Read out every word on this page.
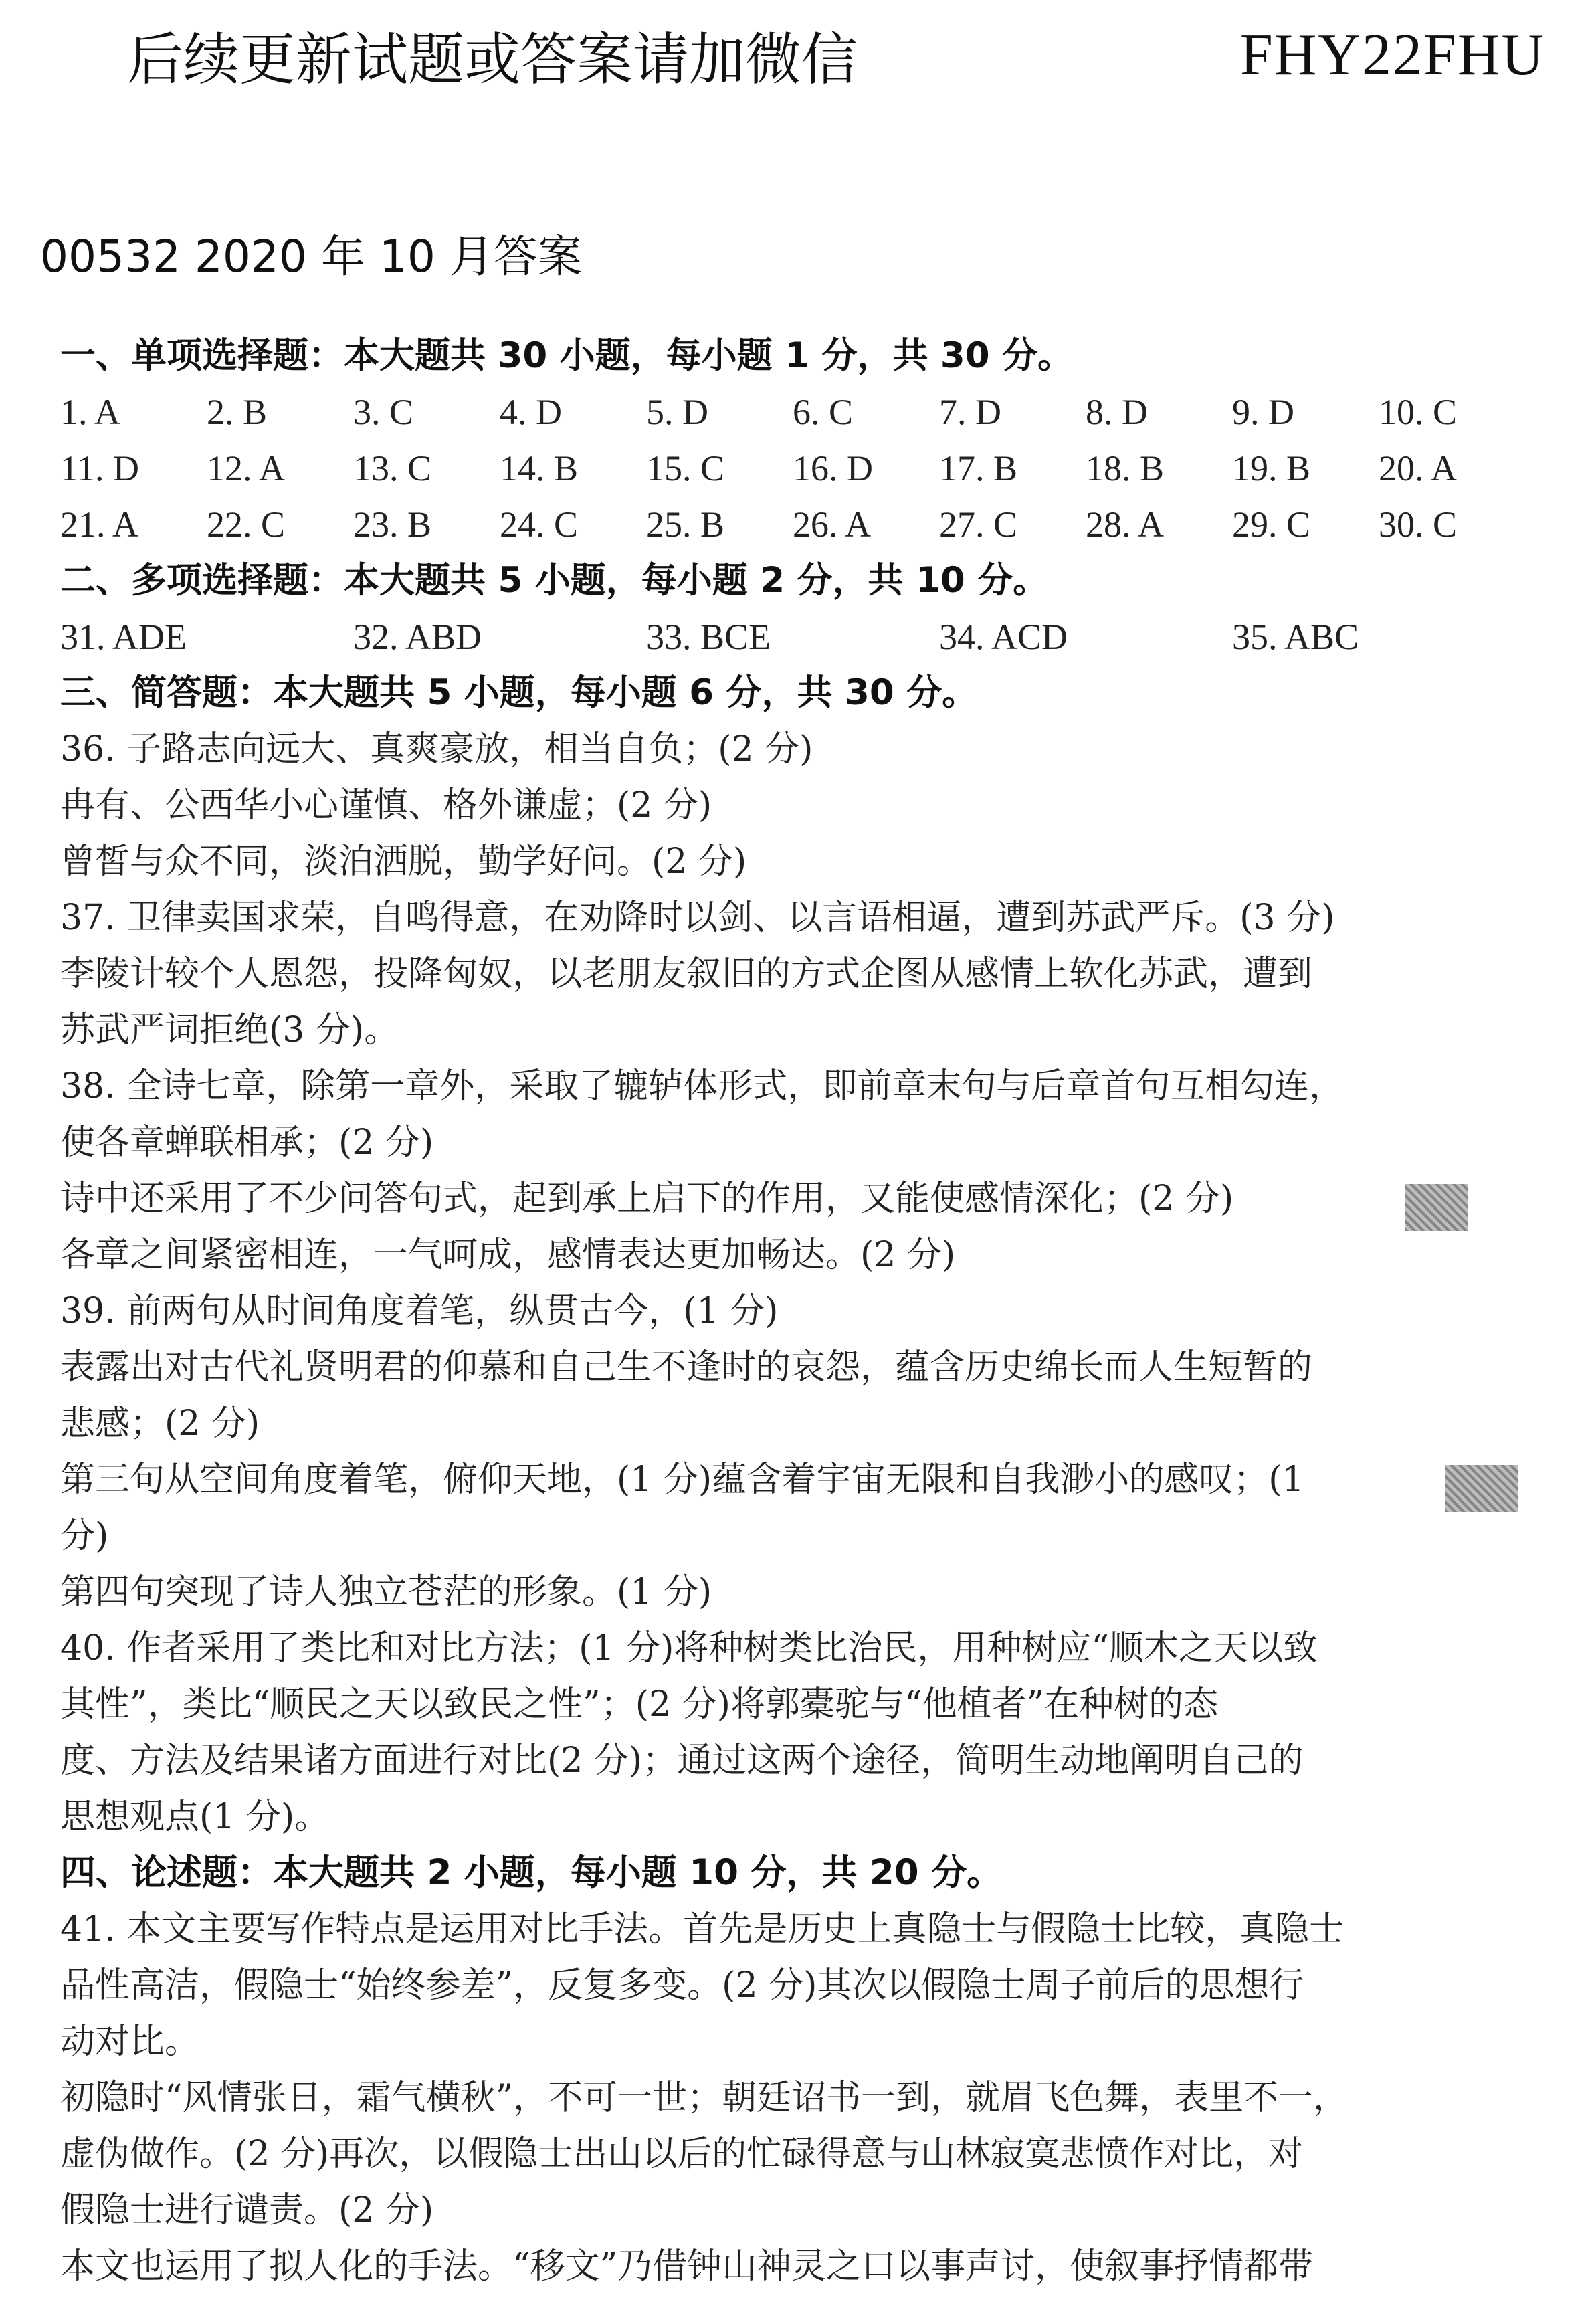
后续更新试题或答案请加微信	FHY22FHU
00532 2020 年 10 月答案

一、单项选择题：本大题共 30 小题，每小题 1 分，共 30 分。

1. A	2. B	3. C	4. D	5. D	6. C	7. D	8. D	9. D	10. C
11. D	12. A	13. C	14. B	15. C	16. D	17. B	18. B	19. B	20. A
21. A	22. C	23. B	24. C	25. B	26. A	27. C	28. A	29. C	30. C

二、多项选择题：本大题共 5 小题，每小题 2 分，共 10 分。

31. ADE	32. ABD	33. BCE	34. ACD	35. ABC

三、简答题：本大题共 5 小题，每小题 6 分，共 30 分。

36. 子路志向远大、真爽豪放，相当自负；(2 分)

冉有、公西华小心谨慎、格外谦虚；(2 分)

曾皙与众不同，淡泊洒脱，勤学好问。(2 分)

37. 卫律卖国求荣，自鸣得意，在劝降时以剑、以言语相逼，遭到苏武严斥。(3 分)

李陵计较个人恩怨，投降匈奴，以老朋友叙旧的方式企图从感情上软化苏武，遭到

苏武严词拒绝(3 分)。

38. 全诗七章，除第一章外，采取了辘轳体形式，即前章末句与后章首句互相勾连，

使各章蝉联相承；(2 分)

诗中还采用了不少问答句式，起到承上启下的作用，又能使感情深化；(2 分)

各章之间紧密相连，一气呵成，感情表达更加畅达。(2 分)

39. 前两句从时间角度着笔，纵贯古今，(1 分)

表露出对古代礼贤明君的仰慕和自己生不逢时的哀怨，蕴含历史绵长而人生短暂的

悲感；(2 分)

第三句从空间角度着笔，俯仰天地，(1 分)蕴含着宇宙无限和自我渺小的感叹；(1

分)

第四句突现了诗人独立苍茫的形象。(1 分)

40. 作者采用了类比和对比方法；(1 分)将种树类比治民，用种树应“顺木之天以致

其性”，类比“顺民之天以致民之性”；(2 分)将郭橐驼与“他植者”在种树的态

度、方法及结果诸方面进行对比(2 分)；通过这两个途径，简明生动地阐明自己的

思想观点(1 分)。

四、论述题：本大题共 2 小题，每小题 10 分，共 20 分。

41. 本文主要写作特点是运用对比手法。首先是历史上真隐士与假隐士比较，真隐士

品性高洁，假隐士“始终参差”，反复多变。(2 分)其次以假隐士周子前后的思想行

动对比。

初隐时“风情张日，霜气横秋”，不可一世；朝廷诏书一到，就眉飞色舞，表里不一，

虚伪做作。(2 分)再次，以假隐士出山以后的忙碌得意与山林寂寞悲愤作对比，对

假隐士进行谴责。(2 分)

本文也运用了拟人化的手法。“移文”乃借钟山神灵之口以事声讨，使叙事抒情都带
